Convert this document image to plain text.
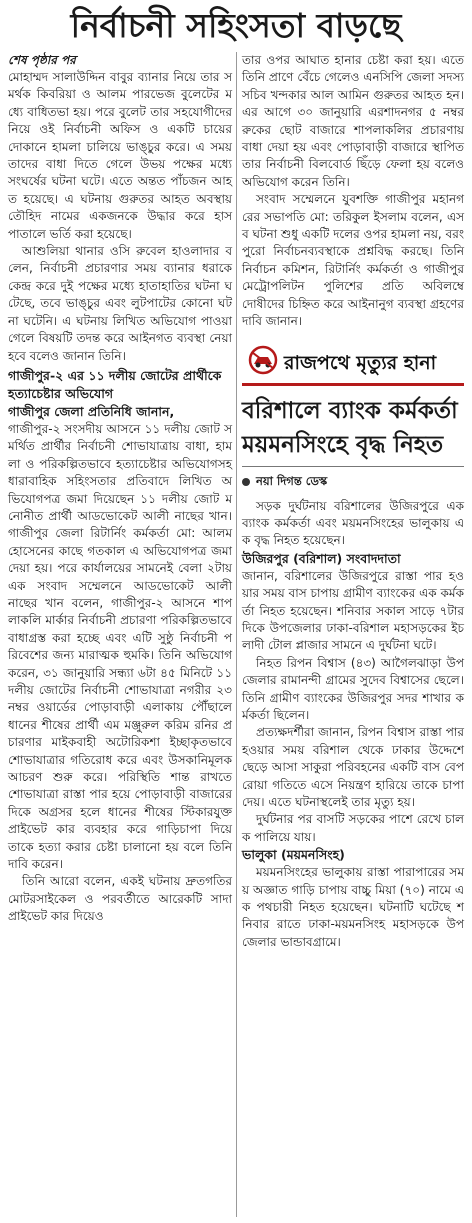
নির্বাচনী সহিংসতা বাড়ছে
শেষ পৃষ্ঠার পর

মোহাম্মদ সালাউদ্দিন বাবুর ব্যানার নিয়ে তার সমর্থক কিবরিয়া ও আলম পারভেজ বুলেটের মধ্যে বাধিতভা হয়। পরে বুলেট তার সহযোগীদের নিয়ে ওই নির্বাচনী অফিস ও একটি চায়ের দোকানে হামলা চালিয়ে ভাঙ্চুর করে। এ সময় তাদের বাধা দিতে গেলে উভয় পক্ষের মধ্যে সংঘর্ষের ঘটনা ঘটে। এতে অন্তত পাঁচজন আহত হয়েছে। এ ঘটনায় গুরুতর আহত অবস্থায় তৌহিদ নামের একজনকে উদ্ধার করে হাসপাতালে ভর্তি করা হয়েছে।

আশুলিয়া থানার ওসি রুবেল হাওলাদার বলেন, নির্বাচনী প্রচারণার সময় ব্যানার ধরাকে কেন্দ্র করে দুই পক্ষের মধ্যে হাতাহাতির ঘটনা ঘটেছে, তবে ভাঙ্চুর এবং লুটপাটের কোনো ঘটনা ঘটেনি। এ ঘটনায় লিখিত অভিযোগ পাওয়া গেলে বিষয়টি তদন্ত করে আইনগত ব্যবস্থা নেয়া হবে বলেও জানান তিনি।

গাজীপুর-২ এর ১১ দলীয় জোটের প্রার্থীকে হত্যাচেষ্টার অভিযোগ
গাজীপুর জেলা প্রতিনিধি জানান,

গাজীপুর-২ সংসদীয় আসনে ১১ দলীয় জোট সমর্থিত প্রার্থীর নির্বাচনী শোভাযাত্রায় বাধা, হামলা ও পরিকল্পিতভাবে হত্যাচেষ্টার অভিযোগসহ ধারাবাহিক সহিংসতার প্রতিবাদে লিখিত অভিযোগপত্র জমা দিয়েছেন ১১ দলীয় জোট মনোনীত প্রার্থী আডভোকেট আলী নাছের খান। গাজীপুর জেলা রিটার্নিং কর্মকর্তা মো: আলম হোসেনের কাছে গতকাল এ অভিযোগপত্র জমা দেয়া হয়। পরে কার্যালয়ের সামনেই বেলা ২টায় এক সংবাদ সম্মেলনে আডভোকেট আলী নাছের খান বলেন, গাজীপুর-২ আসনে শাপলাকলি মার্কার নির্বাচনী প্রচারণা পরিকল্পিতভাবে বাধাগ্রস্ত করা হচ্ছে এবং এটি সুষ্ঠু নির্বাচনী পরিবেশের জন্য মারাত্মক হুমকি। তিনি অভিযোগ করেন, ৩১ জানুয়ারি সন্ধ্যা ৬টা ৪৫ মিনিটে ১১ দলীয় জোটের নির্বাচনী শোভাযাত্রা নগরীর ২৩ নম্বর ওয়ার্ডের পোড়াবাড়ী এলাকায় পৌঁছালে ধানের শীষের প্রার্থী এম মঞ্জুরুল করিম রনির প্রচারণার মাইকবাহী অটোরিকশা ইচ্ছাকৃতভাবে শোভাযাত্রার গতিরোধ করে এবং উসকানিমূলক আচরণ শুরু করে। পরিস্থিতি শান্ত রাখতে শোভাযাত্রা রাস্তা পার হয়ে পোড়াবাড়ী বাজারের দিকে অগ্রসর হলে ধানের শীষের স্টিকারযুক্ত প্রাইভেট কার ব্যবহার করে গাড়িচাপা দিয়ে তাকে হত্যা করার চেষ্টা চালানো হয় বলে তিনি দাবি করেন।

তিনি আরো বলেন, একই ঘটনায় দ্রুতগতির মোটরসাইকেল ও পরবর্তীতে আরেকটি সাদা প্রাইভেট কার দিয়েও

তার ওপর আঘাত হানার চেষ্টা করা হয়। এতে তিনি প্রাণে বেঁচে গেলেও এনসিপি জেলা সদস্যসচিব খন্দকার আল আমিন গুরুতর আহত হন। এর আগে ৩০ জানুয়ারি এরশাদনগর ৫ নম্বর রুকের ছোট বাজারে শাপলাকলির প্রচারণায় বাধা দেয়া হয় এবং পোড়াবাড়ী বাজারে স্থাপিত তার নির্বাচনী বিলবোর্ড ছিঁড়ে ফেলা হয় বলেও অভিযোগ করেন তিনি।

সংবাদ সম্মেলনে যুবশক্তি গাজীপুর মহানগরের সভাপতি মো: তরিকুল ইসলাম বলেন, এসব ঘটনা শুধু একটি দলের ওপর হামলা নয়, বরং পুরো নির্বাচনব্যবস্থাকে প্রশ্নবিদ্ধ করছে। তিনি নির্বাচন কমিশন, রিটার্নিং কর্মকর্তা ও গাজীপুর মেট্রোপলিটন পুলিশের প্রতি অবিলম্বে দোষীদের চিহ্নিত করে আইনানুগ ব্যবস্থা গ্রহণের দাবি জানান।

রাজপথে মৃত্যুর হানা
বরিশালে ব্যাংক কর্মকর্তা ময়মনসিংহে বৃদ্ধ নিহত
নয়া দিগন্ত ডেস্ক

সড়ক দুর্ঘটনায় বরিশালের উজিরপুরে এক ব্যাংক কর্মকর্তা এবং ময়মনসিংহের ভালুকায় এক বৃদ্ধ নিহত হয়েছেন।

উজিরপুর (বরিশাল) সংবাদদাতা

জানান, বরিশালের উজিরপুরে রাস্তা পার হওয়ার সময় বাস চাপায় গ্রামীণ ব্যাংকের এক কর্মকর্তা নিহত হয়েছেন। শনিবার সকাল সাড়ে ৭টার দিকে উপজেলার ঢাকা-বরিশাল মহাসড়কের ইচলাদী টোল প্লাজার সামনে এ দুর্ঘটনা ঘটে।

নিহত রিপন বিশ্বাস (৪৩) আগৈলঝাড়া উপজেলার রামানন্দী গ্রামের সুদেব বিশ্বাসের ছেলে। তিনি গ্রামীণ ব্যাংকের উজিরপুর সদর শাখার কর্মকর্তা ছিলেন।

প্রত্যক্ষদর্শীরা জানান, রিপন বিশ্বাস রাস্তা পার হওয়ার সময় বরিশাল থেকে ঢাকার উদ্দেশে ছেড়ে আসা সাকুরা পরিবহনের একটি বাস বেপরোয়া গতিতে এসে নিয়ন্ত্রণ হারিয়ে তাকে চাপা দেয়। এতে ঘটনাস্থলেই তার মৃত্যু হয়।

দুর্ঘটনার পর বাসটি সড়কের পাশে রেখে চালক পালিয়ে যায়।

ভালুকা (ময়মনসিংহ)

ময়মনসিংহের ভালুকায় রাস্তা পারাপারের সময় অজ্ঞাত গাড়ি চাপায় বাচ্চু মিয়া (৭০) নামে এক পথচারী নিহত হয়েছেন। ঘটনাটি ঘটেছে শনিবার রাতে ঢাকা-ময়মনসিংহ মহাসড়কে উপজেলার ভান্ডাবগ্রামে।
